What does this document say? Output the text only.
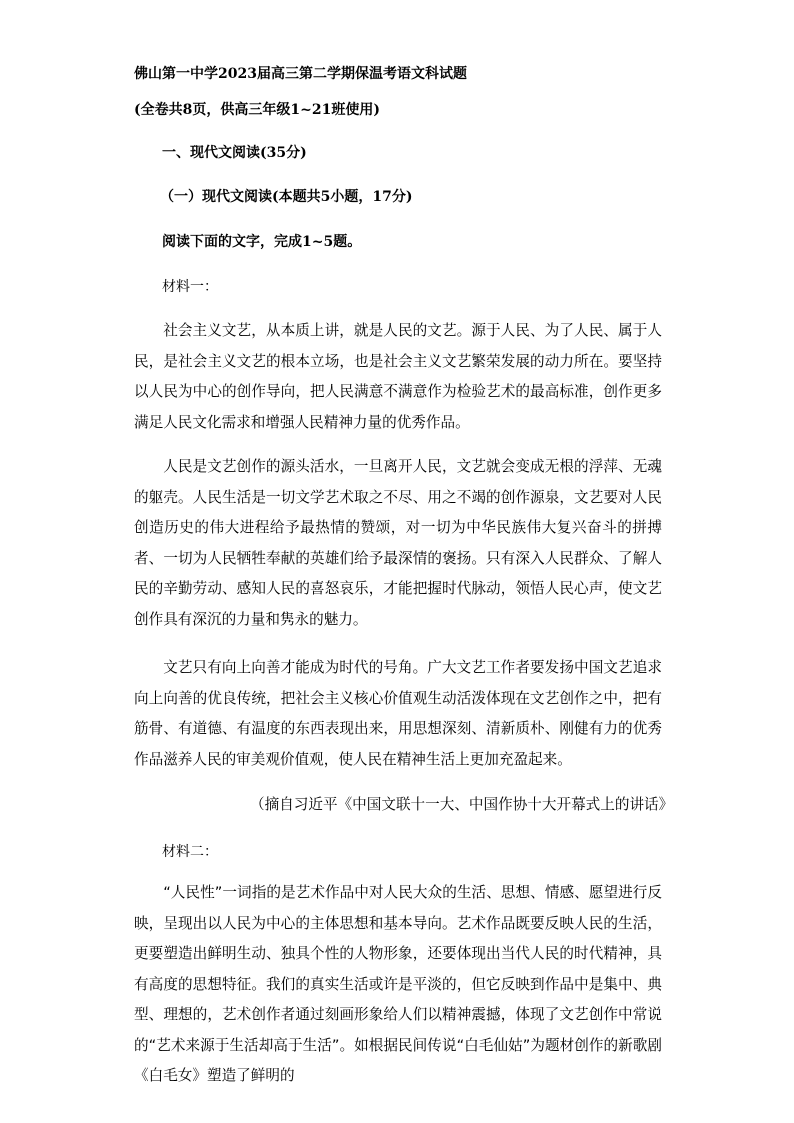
佛山第一中学2023届高三第二学期保温考语文科试题
(全卷共8页，供高三年级1~21班使用)
一、现代文阅读(35分)
（一）现代文阅读(本题共5小题，17分)
阅读下面的文字，完成1~5题。
材料一：
社会主义文艺，从本质上讲，就是人民的文艺。源于人民、为了人民、属于人民，是社会主义文艺的根本立场，也是社会主义文艺繁荣发展的动力所在。要坚持以人民为中心的创作导向，把人民满意不满意作为检验艺术的最高标准，创作更多满足人民文化需求和增强人民精神力量的优秀作品。
人民是文艺创作的源头活水，一旦离开人民，文艺就会变成无根的浮萍、无魂的躯壳。人民生活是一切文学艺术取之不尽、用之不竭的创作源泉，文艺要对人民创造历史的伟大进程给予最热情的赞颂，对一切为中华民族伟大复兴奋斗的拼搏者、一切为人民牺牲奉献的英雄们给予最深情的褒扬。只有深入人民群众、了解人民的辛勤劳动、感知人民的喜怒哀乐，才能把握时代脉动，领悟人民心声，使文艺创作具有深沉的力量和隽永的魅力。
文艺只有向上向善才能成为时代的号角。广大文艺工作者要发扬中国文艺追求向上向善的优良传统，把社会主义核心价值观生动活泼体现在文艺创作之中，把有筋骨、有道德、有温度的东西表现出来，用思想深刻、清新质朴、刚健有力的优秀作品滋养人民的审美观价值观，使人民在精神生活上更加充盈起来。
（摘自习近平《中国文联十一大、中国作协十大开幕式上的讲话》
材料二：
“人民性”一词指的是艺术作品中对人民大众的生活、思想、情感、愿望进行反映，呈现出以人民为中心的主体思想和基本导向。艺术作品既要反映人民的生活，更要塑造出鲜明生动、独具个性的人物形象，还要体现出当代人民的时代精神，具有高度的思想特征。我们的真实生活或许是平淡的，但它反映到作品中是集中、典型、理想的，艺术创作者通过刻画形象给人们以精神震撼，体现了文艺创作中常说的“艺术来源于生活却高于生活”。如根据民间传说“白毛仙姑”为题材创作的新歌剧《白毛女》塑造了鲜明的
